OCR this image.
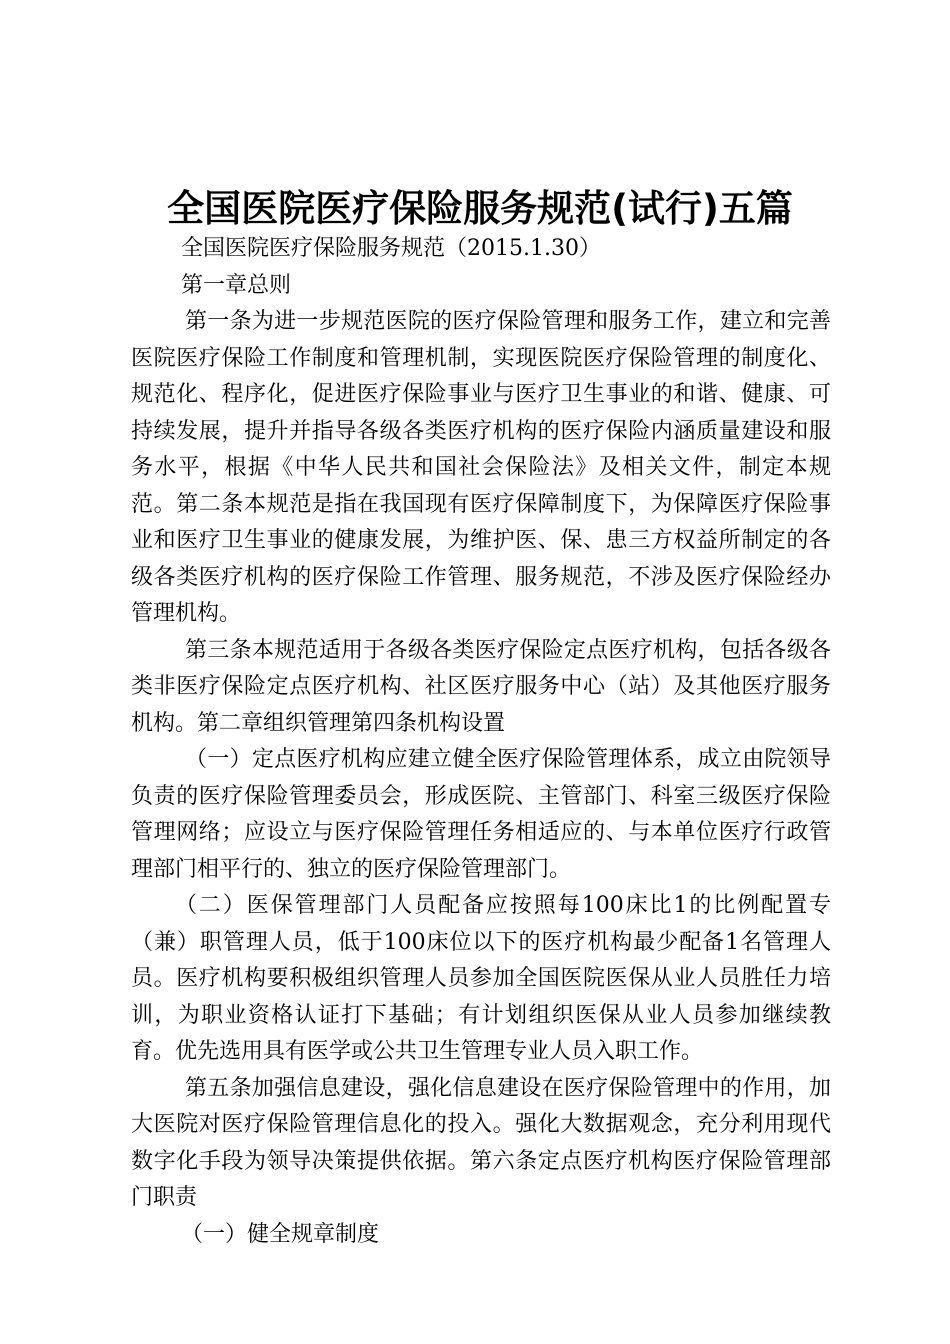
全国医院医疗保险服务规范(试行)五篇

全国医院医疗保险服务规范（2015.1.30）

第一章总则

第一条为进一步规范医院的医疗保险管理和服务工作，建立和完善医院医疗保险工作制度和管理机制，实现医院医疗保险管理的制度化、规范化、程序化，促进医疗保险事业与医疗卫生事业的和谐、健康、可持续发展，提升并指导各级各类医疗机构的医疗保险内涵质量建设和服务水平，根据《中华人民共和国社会保险法》及相关文件，制定本规范。第二条本规范是指在我国现有医疗保障制度下，为保障医疗保险事业和医疗卫生事业的健康发展，为维护医、保、患三方权益所制定的各级各类医疗机构的医疗保险工作管理、服务规范，不涉及医疗保险经办管理机构。

第三条本规范适用于各级各类医疗保险定点医疗机构，包括各级各类非医疗保险定点医疗机构、社区医疗服务中心（站）及其他医疗服务机构。第二章组织管理第四条机构设置

（一）定点医疗机构应建立健全医疗保险管理体系，成立由院领导负责的医疗保险管理委员会，形成医院、主管部门、科室三级医疗保险管理网络；应设立与医疗保险管理任务相适应的、与本单位医疗行政管理部门相平行的、独立的医疗保险管理部门。

（二）医保管理部门人员配备应按照每100床比1的比例配置专（兼）职管理人员，低于100床位以下的医疗机构最少配备1名管理人员。医疗机构要积极组织管理人员参加全国医院医保从业人员胜任力培训，为职业资格认证打下基础；有计划组织医保从业人员参加继续教育。优先选用具有医学或公共卫生管理专业人员入职工作。

第五条加强信息建设，强化信息建设在医疗保险管理中的作用，加大医院对医疗保险管理信息化的投入。强化大数据观念，充分利用现代数字化手段为领导决策提供依据。第六条定点医疗机构医疗保险管理部门职责

（一）健全规章制度
